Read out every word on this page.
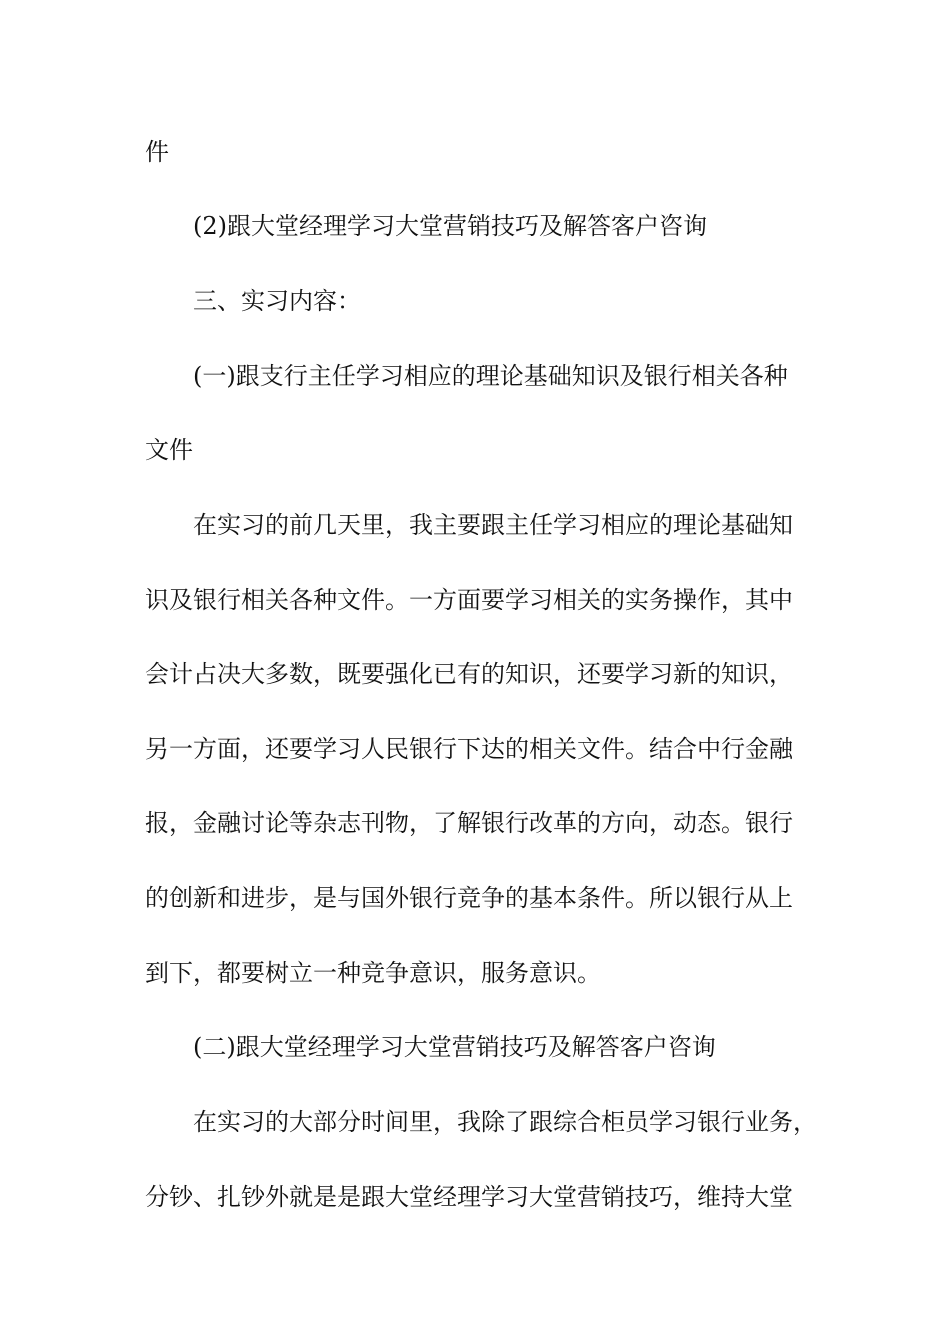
件
(2)跟大堂经理学习大堂营销技巧及解答客户咨询
三、实习内容：
(一)跟支行主任学习相应的理论基础知识及银行相关各种
文件
在实习的前几天里，我主要跟主任学习相应的理论基础知
识及银行相关各种文件。一方面要学习相关的实务操作，其中
会计占决大多数，既要强化已有的知识，还要学习新的知识，
另一方面，还要学习人民银行下达的相关文件。结合中行金融
报，金融讨论等杂志刊物，了解银行改革的方向，动态。银行
的创新和进步，是与国外银行竞争的基本条件。所以银行从上
到下，都要树立一种竞争意识，服务意识。
(二)跟大堂经理学习大堂营销技巧及解答客户咨询
在实习的大部分时间里，我除了跟综合柜员学习银行业务，
分钞、扎钞外就是是跟大堂经理学习大堂营销技巧，维持大堂
